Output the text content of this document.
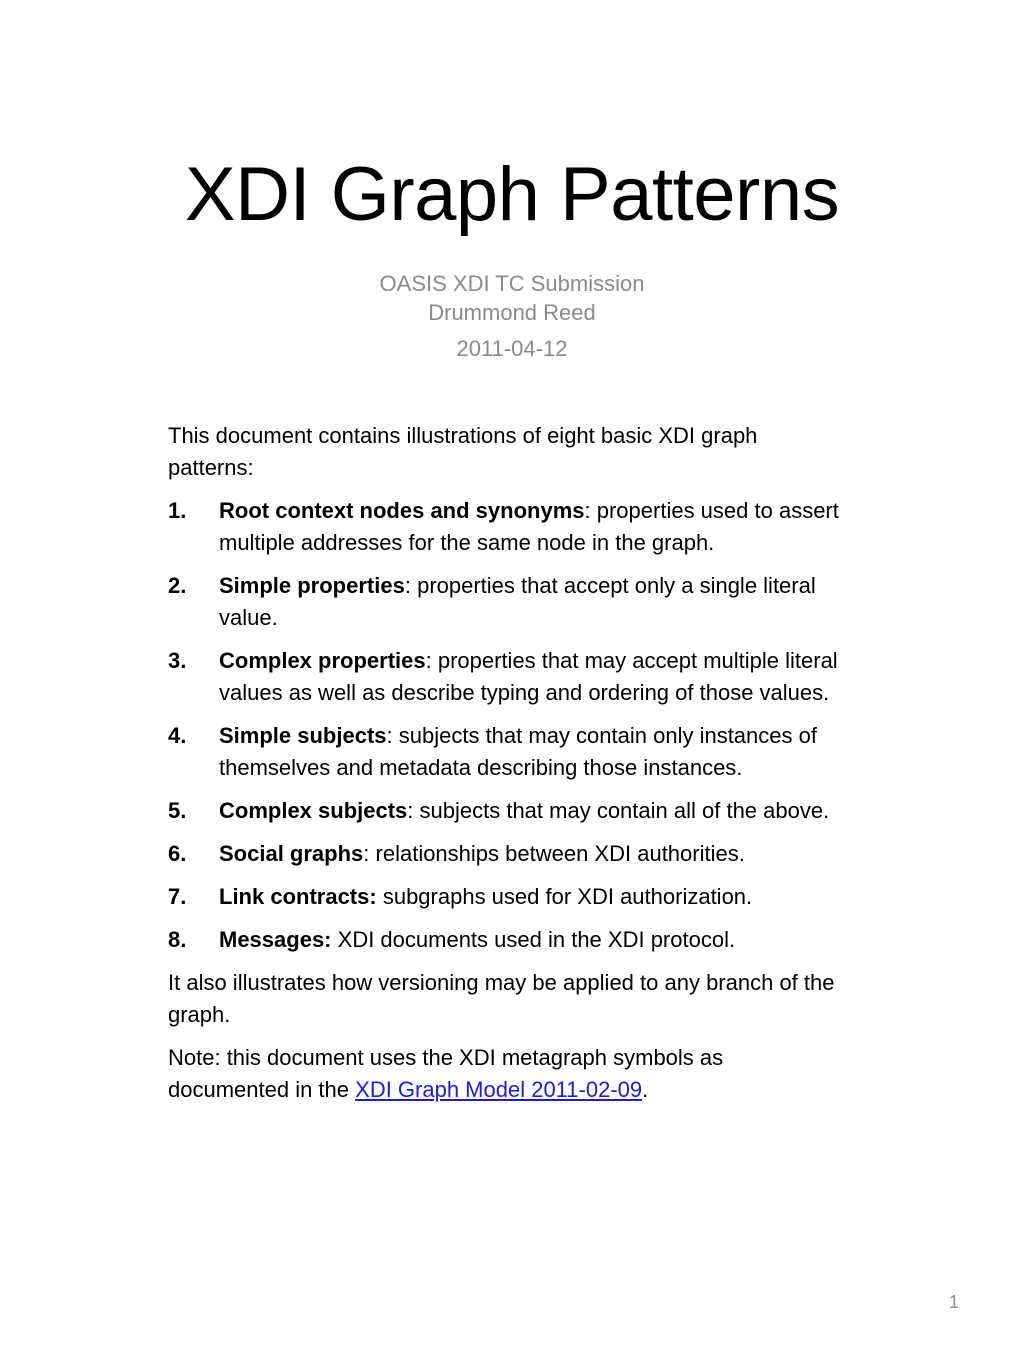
XDI Graph Patterns
OASIS XDI TC Submission
Drummond Reed
2011-04-12

This document contains illustrations of eight basic XDI graph patterns:

1. Root context nodes and synonyms: properties used to assert multiple addresses for the same node in the graph.
2. Simple properties: properties that accept only a single literal value.
3. Complex properties: properties that may accept multiple literal values as well as describe typing and ordering of those values.
4. Simple subjects: subjects that may contain only instances of themselves and metadata describing those instances.
5. Complex subjects: subjects that may contain all of the above.
6. Social graphs: relationships between XDI authorities.
7. Link contracts: subgraphs used for XDI authorization.
8. Messages: XDI documents used in the XDI protocol.

It also illustrates how versioning may be applied to any branch of the graph.

Note: this document uses the XDI metagraph symbols as documented in the XDI Graph Model 2011-02-09.

1
